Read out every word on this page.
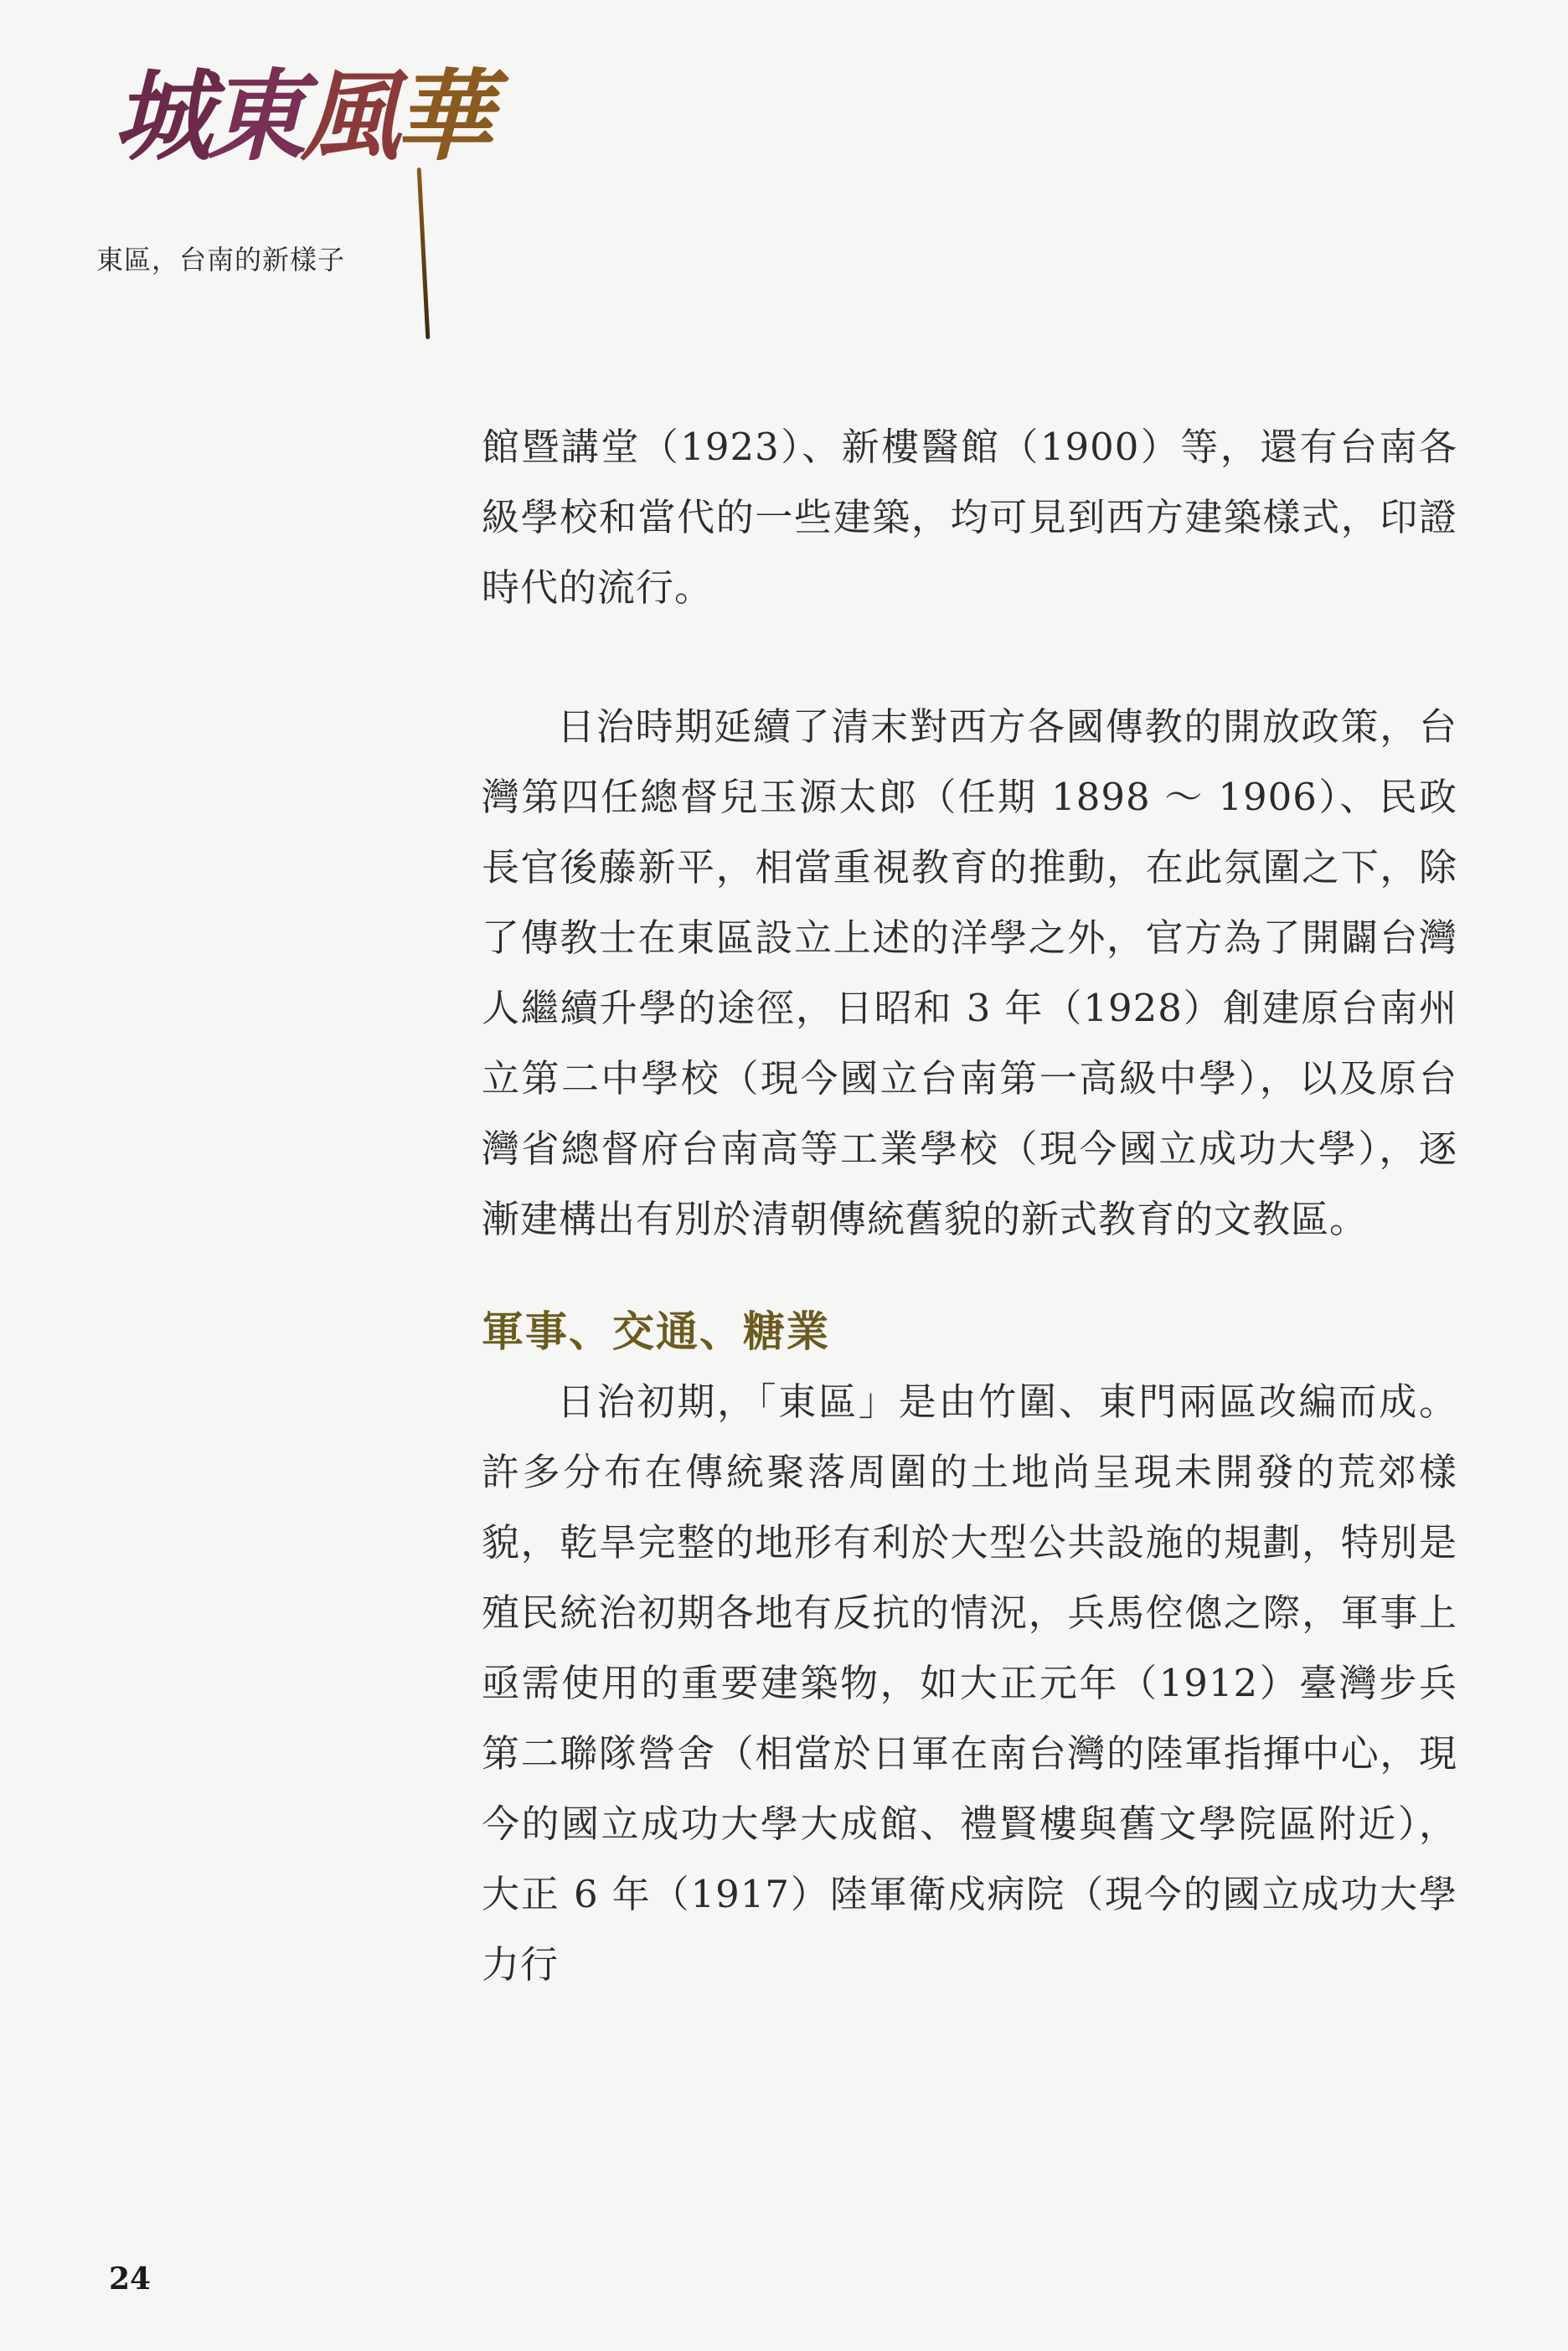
城東風華
東區，台南的新樣子

館暨講堂（1923）、新樓醫館（1900）等，還有台南各級學校和當代的一些建築，均可見到西方建築樣式，印證時代的流行。

日治時期延續了清末對西方各國傳教的開放政策，台灣第四任總督兒玉源太郎（任期 1898 ～ 1906）、民政長官後藤新平，相當重視教育的推動，在此氛圍之下，除了傳教士在東區設立上述的洋學之外，官方為了開闢台灣人繼續升學的途徑，日昭和 3 年（1928）創建原台南州立第二中學校（現今國立台南第一高級中學），以及原台灣省總督府台南高等工業學校（現今國立成功大學），逐漸建構出有別於清朝傳統舊貌的新式教育的文教區。

軍事、交通、糖業

日治初期，「東區」是由竹圍、東門兩區改編而成。許多分布在傳統聚落周圍的土地尚呈現未開發的荒郊樣貌，乾旱完整的地形有利於大型公共設施的規劃，特別是殖民統治初期各地有反抗的情況，兵馬倥傯之際，軍事上亟需使用的重要建築物，如大正元年（1912）臺灣步兵第二聯隊營舍（相當於日軍在南台灣的陸軍指揮中心，現今的國立成功大學大成館、禮賢樓與舊文學院區附近），大正 6 年（1917）陸軍衛戍病院（現今的國立成功大學力行

24
